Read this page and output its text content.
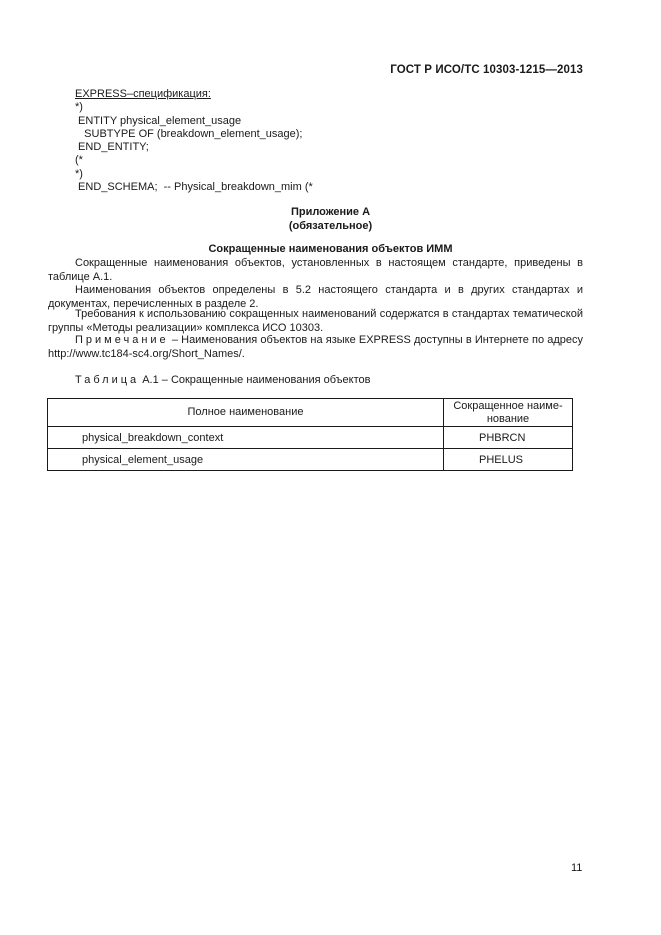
ГОСТ Р ИСО/ТС 10303-1215—2013
EXPRESS–спецификация:
*)
ENTITY physical_element_usage
SUBTYPE OF (breakdown_element_usage);
END_ENTITY;
(*
*)
END_SCHEMA;  -- Physical_breakdown_mim (*
Приложение А
(обязательное)
Сокращенные наименования объектов ИММ
Сокращенные наименования объектов, установленных в настоящем стандарте, приведены в таблице А.1.
Наименования объектов определены в 5.2 настоящего стандарта и в других стандартах и документах, перечисленных в разделе 2.
Требования к использованию сокращенных наименований содержатся в стандартах тематической группы «Методы реализации» комплекса ИСО 10303.
Примечание – Наименования объектов на языке EXPRESS доступны в Интернете по адресу http://www.tc184-sc4.org/Short_Names/.
Таблица А.1 – Сокращенные наименования объектов
Полное наименование	Сокращенное наиме-
нование
physical_breakdown_context	PHBRCN
physical_element_usage	PHELUS
11
